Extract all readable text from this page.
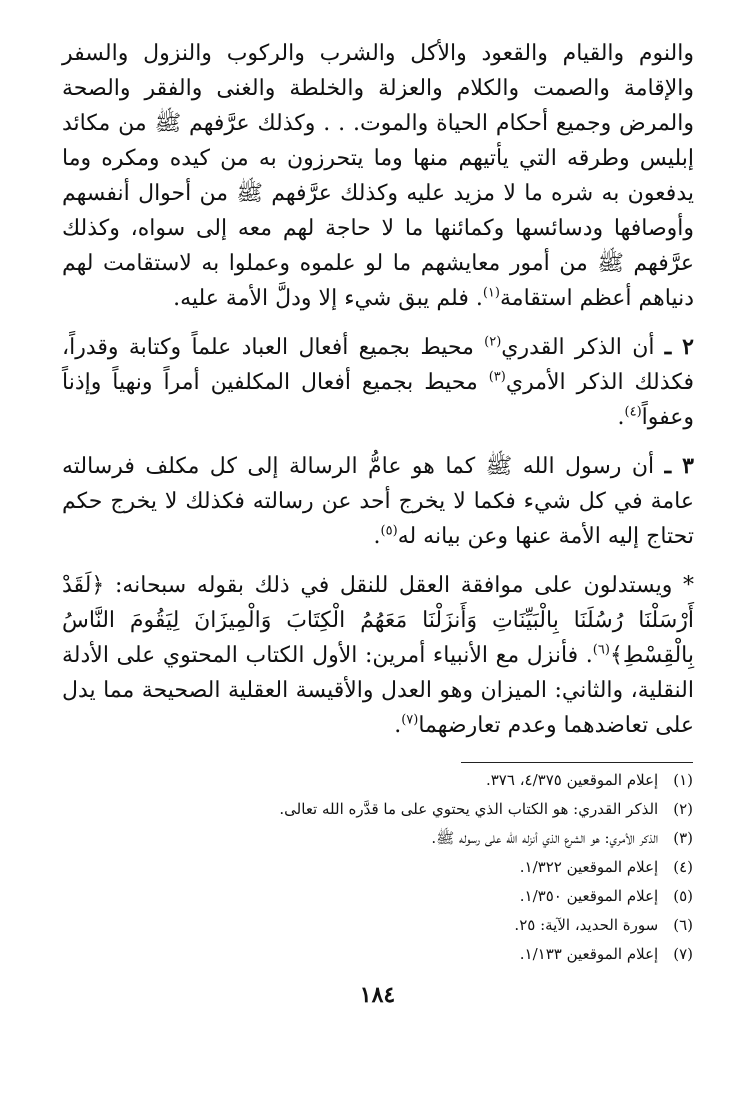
والنوم والقيام والقعود والأكل والشرب والركوب والنزول والسفر والإقامة والصمت والكلام والعزلة والخلطة والغنى والفقر والصحة والمرض وجميع أحكام الحياة والموت. . . وكذلك عرَّفهم ﷺ من مكائد إبليس وطرقه التي يأتيهم منها وما يتحرزون به من كيده ومكره وما يدفعون به شره ما لا مزيد عليه وكذلك عرَّفهم ﷺ من أحوال أنفسهم وأوصافها ودسائسها وكمائنها ما لا حاجة لهم معه إلى سواه، وكذلك عرَّفهم ﷺ من أمور معايشهم ما لو علموه وعملوا به لاستقامت لهم دنياهم أعظم استقامة$^{(١)}$. فلم يبق شيء إلا ودلَّ الأمة عليه.

٢ ـ أن الذكر القدري$^{(٢)}$ محيط بجميع أفعال العباد علماً وكتابة وقدراً، فكذلك الذكر الأمري$^{(٣)}$ محيط بجميع أفعال المكلفين أمراً ونهياً وإذناً وعفواً$^{(٤)}$.

٣ ـ أن رسول الله ﷺ كما هو عامُّ الرسالة إلى كل مكلف فرسالته عامة في كل شيء فكما لا يخرج أحد عن رسالته فكذلك لا يخرج حكم تحتاج إليه الأمة عنها وعن بيانه له$^{(٥)}$.

* ويستدلون على موافقة العقل للنقل في ذلك بقوله سبحانه: ﴿لَقَدْ أَرْسَلْنَا رُسُلَنَا بِالْبَيِّنَاتِ وَأَنزَلْنَا مَعَهُمُ الْكِتَابَ وَالْمِيزَانَ لِيَقُومَ النَّاسُ بِالْقِسْطِ﴾$^{(٦)}$. فأنزل مع الأنبياء أمرين: الأول الكتاب المحتوي على الأدلة النقلية، والثاني: الميزان وهو العدل والأقيسة العقلية الصحيحة مما يدل على تعاضدهما وعدم تعارضهما$^{(٧)}$.

(١) إعلام الموقعين ٤/٣٧٥، ٣٧٦.
(٢) الذكر القدري: هو الكتاب الذي يحتوي على ما قدَّره الله تعالى.
(٣) الذكر الأمري: هو الشرع الذي أنزله الله على رسوله ﷺ.
(٤) إعلام الموقعين ١/٣٢٢.
(٥) إعلام الموقعين ١/٣٥٠.
(٦) سورة الحديد، الآية: ٢٥.
(٧) إعلام الموقعين ١/١٣٣.
١٨٤
